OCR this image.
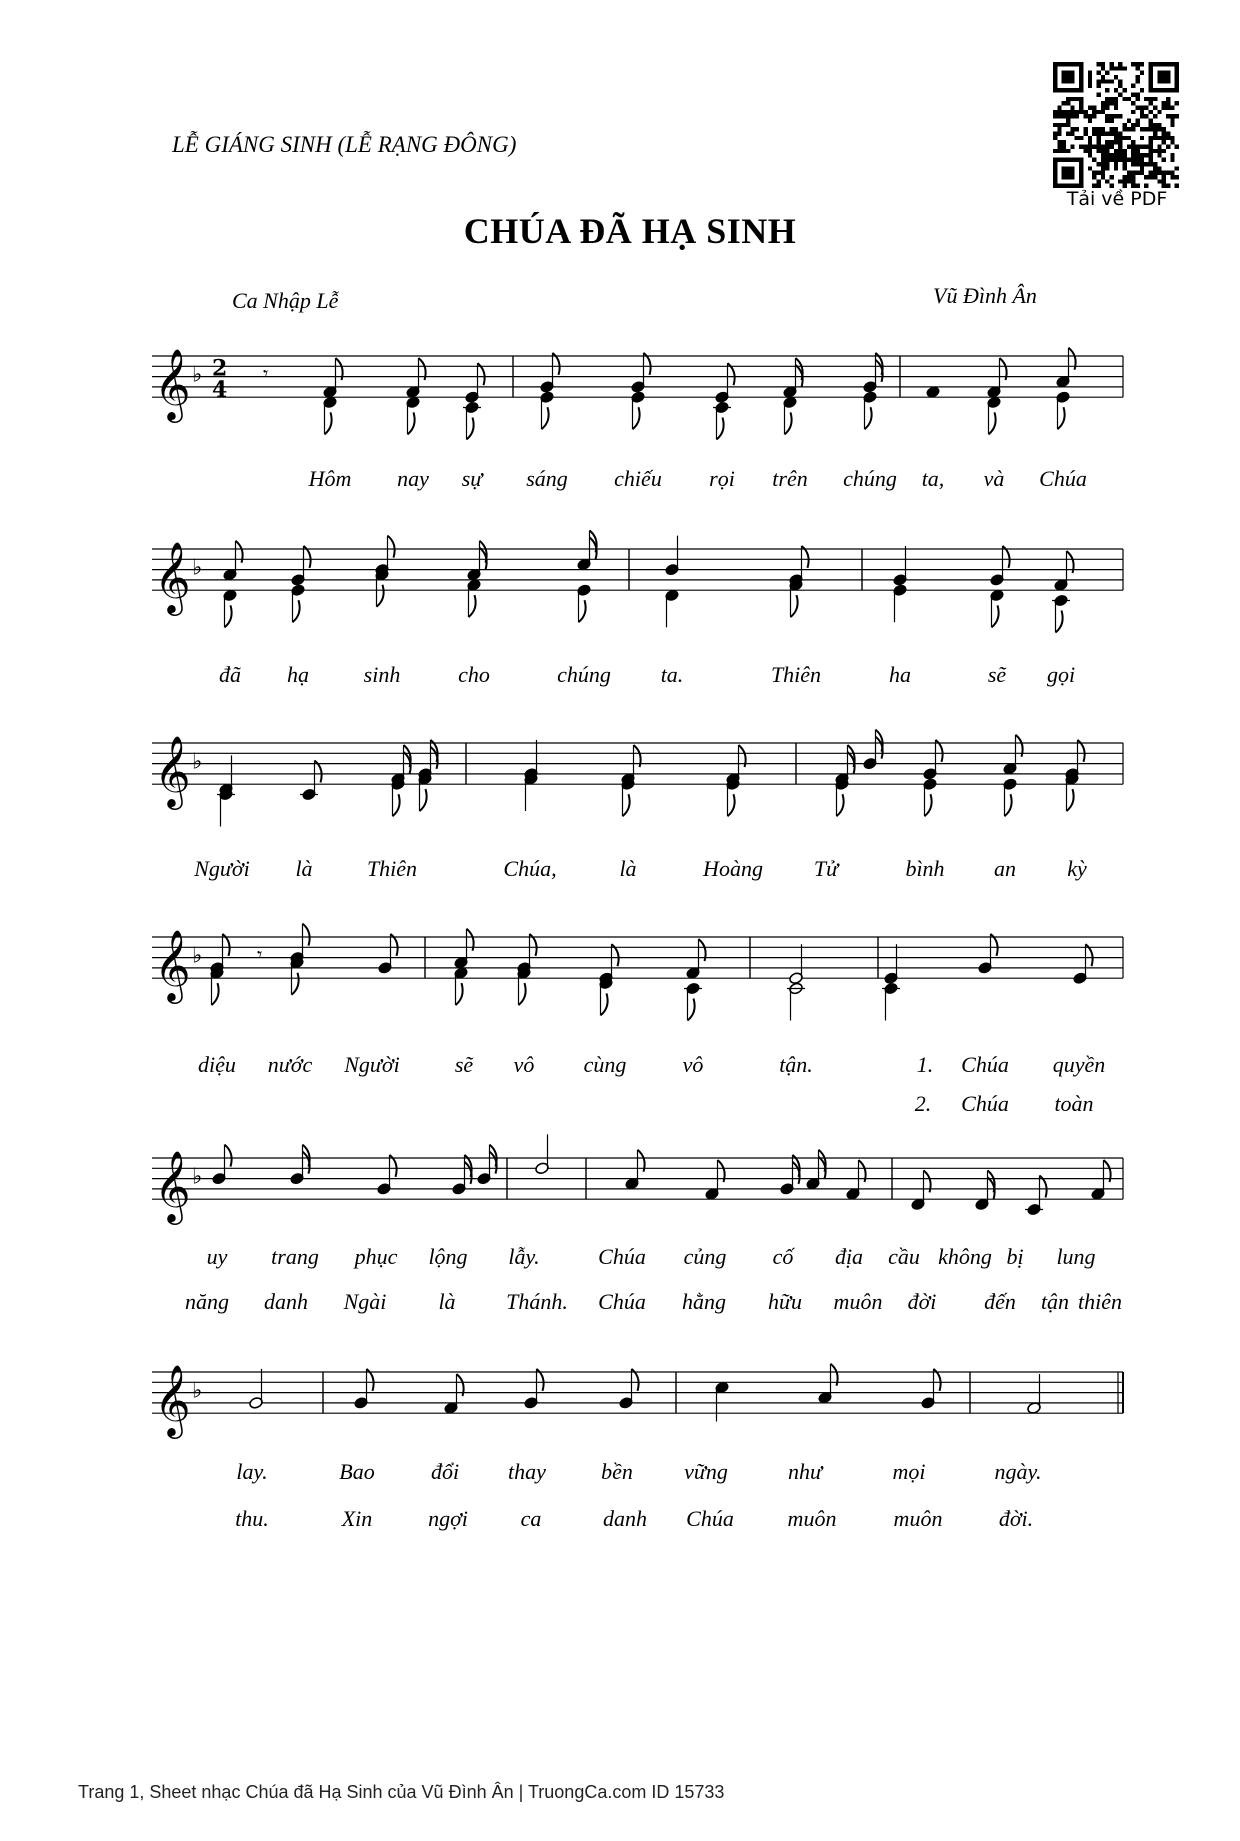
LỄ GIÁNG SINH (LỄ RẠNG ĐÔNG)
CHÚA ĐÃ HẠ SINH
Ca Nhập Lễ	Vũ Đình Ân
Tải về PDF
𝄞 ♭ 2
4
𝄾
𝄞 ♭
𝄞 ♭
𝄞 ♭	𝄾
𝄞 ♭
𝄞 ♭
Hôm nay sự sáng chiếu rọi trên chúng ta, và Chúa
đã hạ sinh	cho	chúng ta.	Thiên	ha	sẽ gọi
Người là Thiên	Chúa,	là	Hoàng Tử	bình an kỳ
diệu nước Người	sẽ vô cùng	vô	tận.	1. Chúa quyền
2. Chúa toàn
uy trang phục lộng lẫy.	Chúa củng cố địa cầu không bị lung
năng danh Ngài là Thánh. Chúa hằng hữu muôn đời đến tận thiên
lay.	Bao	đổi thay	bền vững	như	mọi	ngày.
thu.	Xin	ngợi ca	danh Chúa muôn	muôn	đời.
Trang 1, Sheet nhạc Chúa đã Hạ Sinh của Vũ Đình Ân | TruongCa.com ID 15733
